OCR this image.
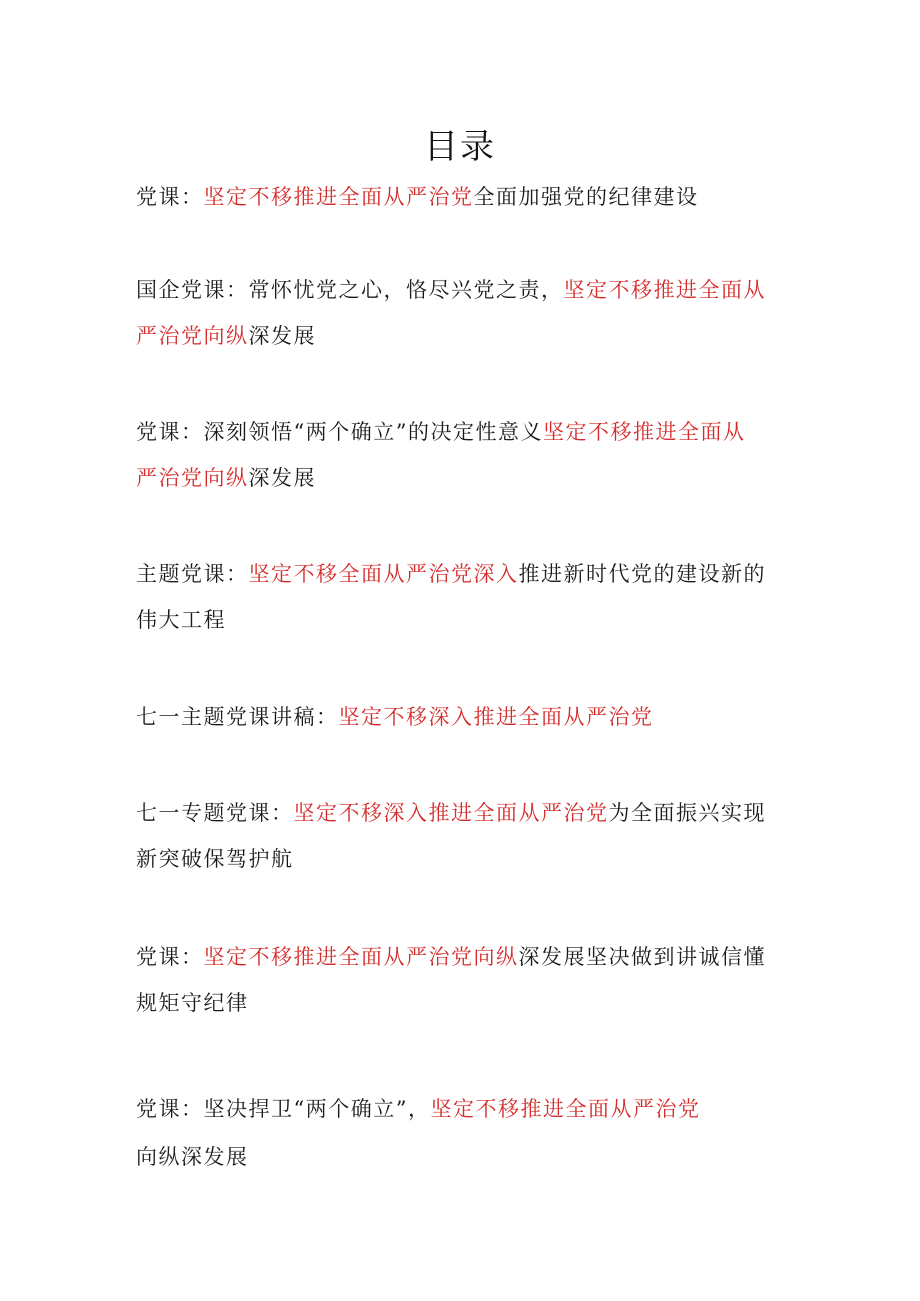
目录
党课：坚定不移推进全面从严治党全面加强党的纪律建设
国企党课：常怀忧党之心，恪尽兴党之责，坚定不移推进全面从
严治党向纵深发展
党课：深刻领悟“两个确立”的决定性意义坚定不移推进全面从
严治党向纵深发展
主题党课：坚定不移全面从严治党深入推进新时代党的建设新的
伟大工程
七一主题党课讲稿：坚定不移深入推进全面从严治党
七一专题党课：坚定不移深入推进全面从严治党为全面振兴实现
新突破保驾护航
党课：坚定不移推进全面从严治党向纵深发展坚决做到讲诚信懂
规矩守纪律
党课：坚决捍卫“两个确立”，坚定不移推进全面从严治党
向纵深发展
